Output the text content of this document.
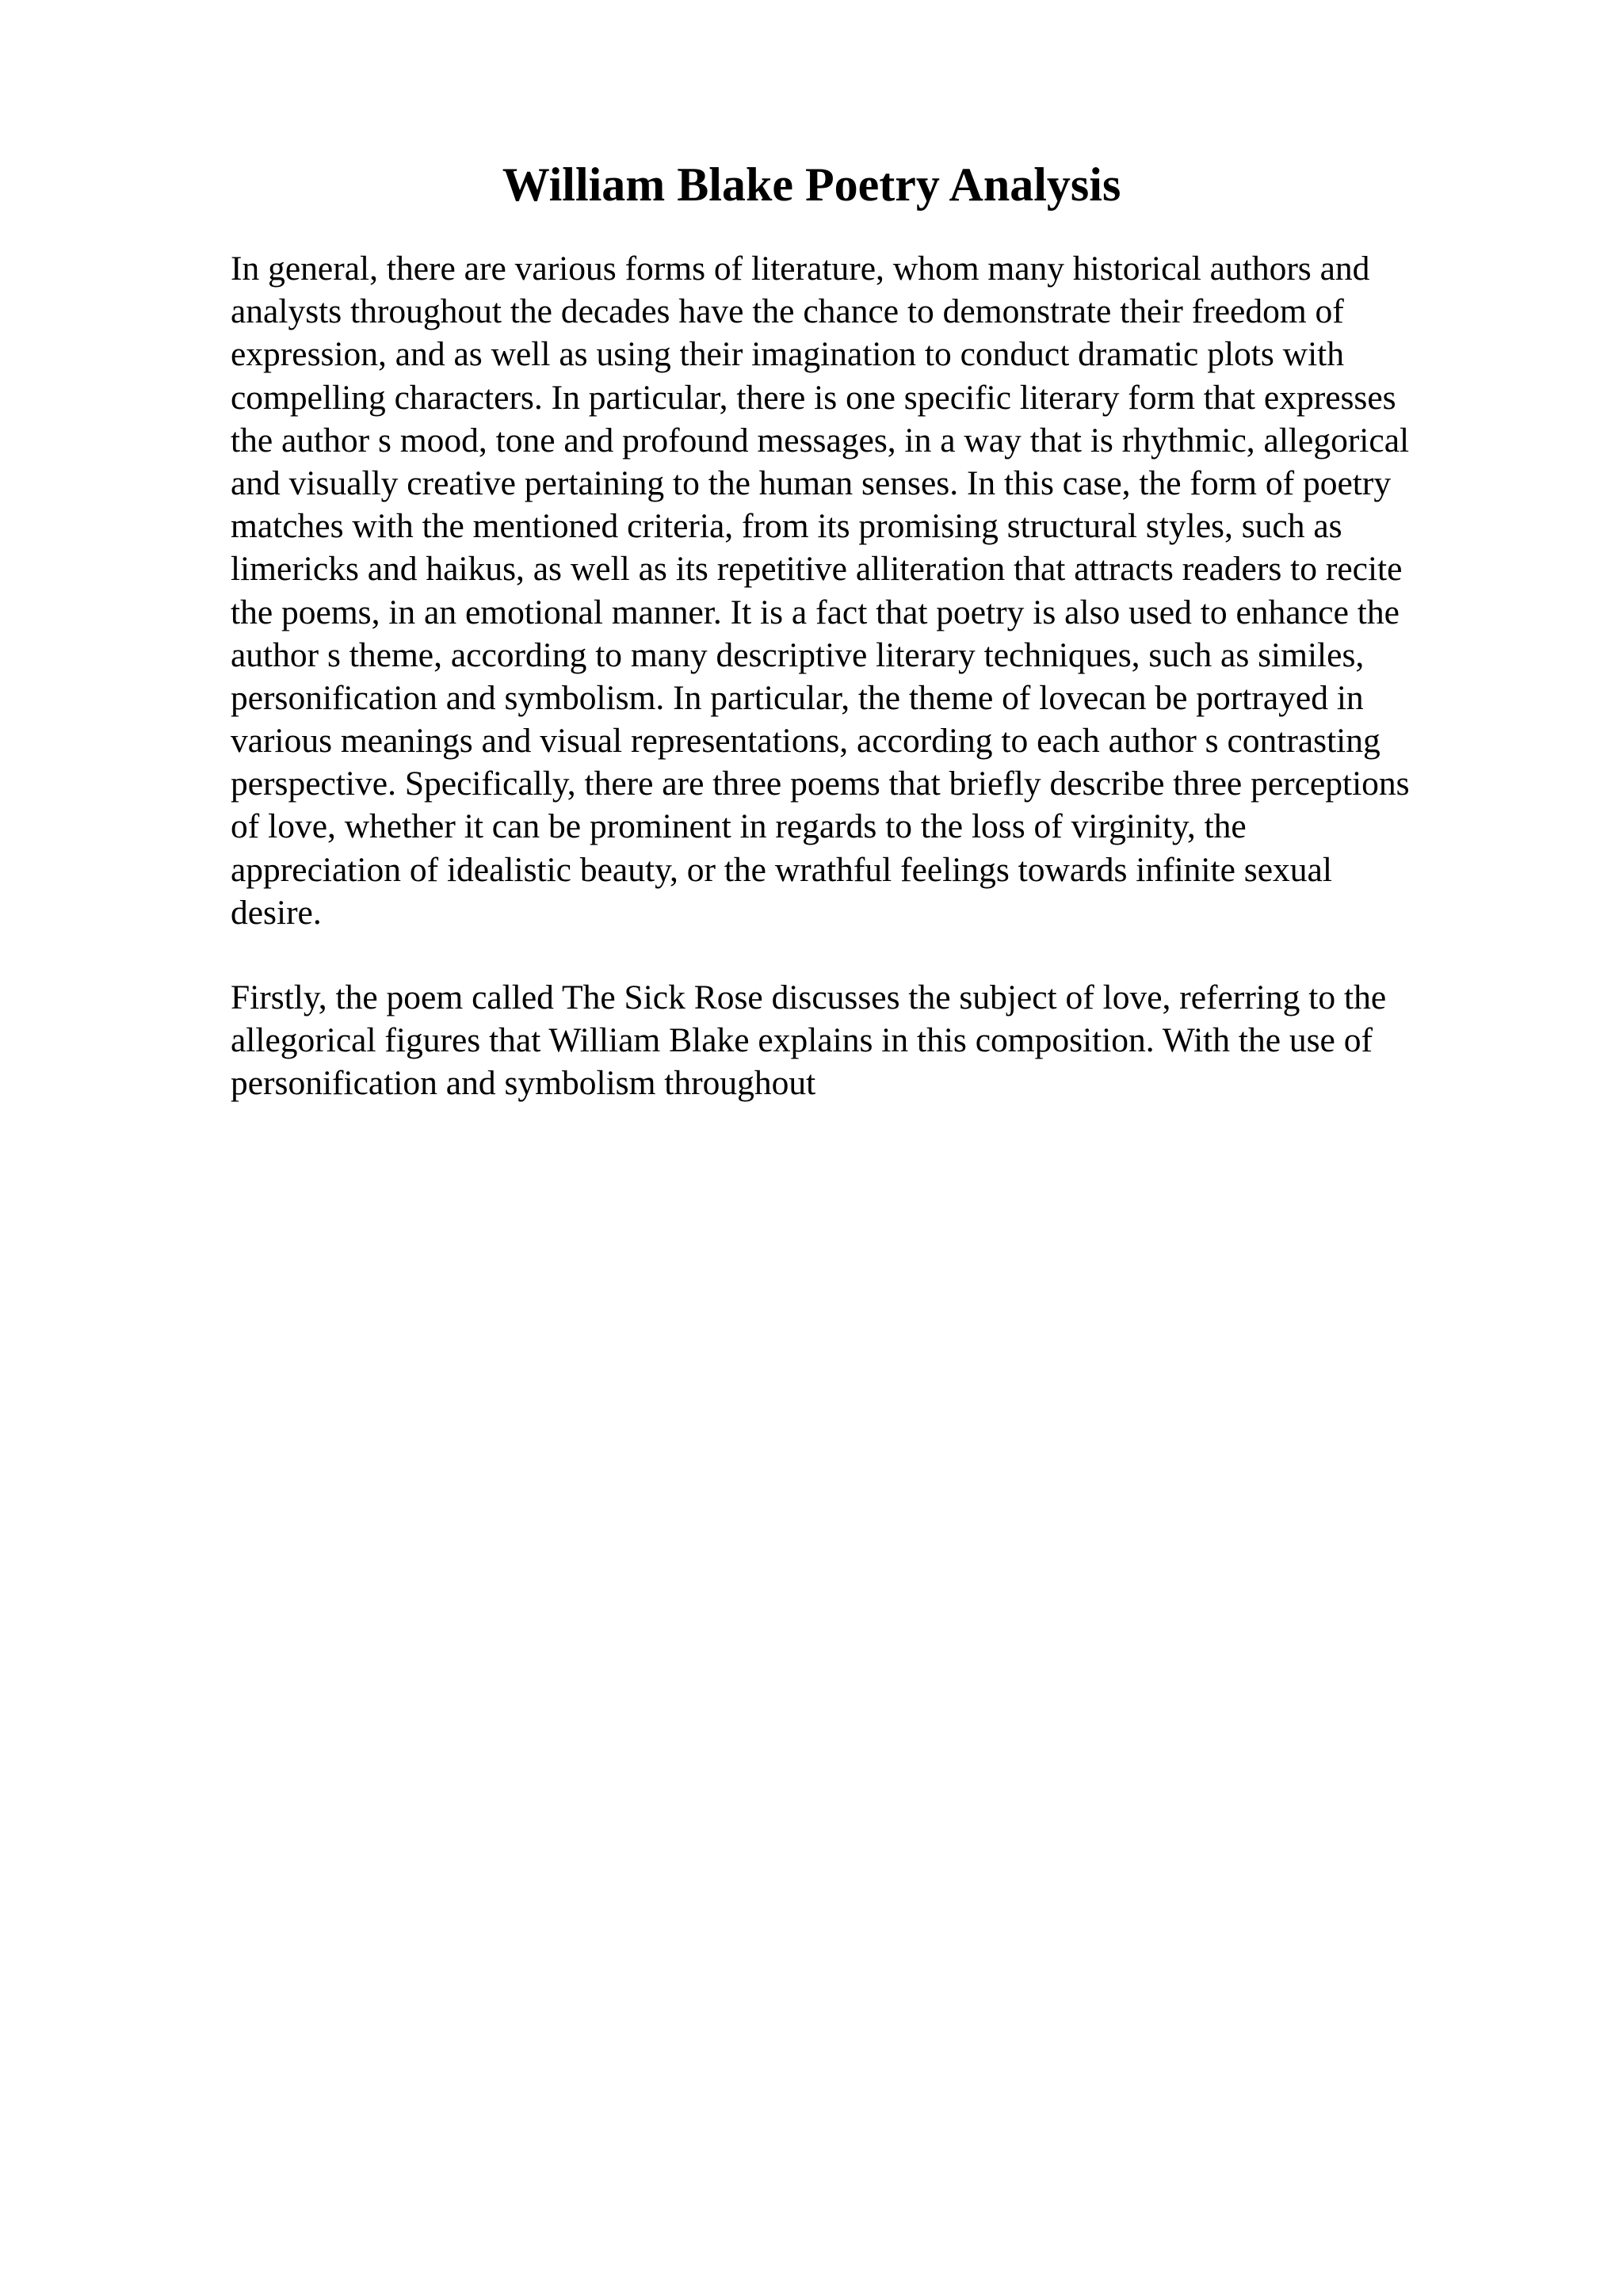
William Blake Poetry Analysis
In general, there are various forms of literature, whom many historical authors and
analysts throughout the decades have the chance to demonstrate their freedom of
expression, and as well as using their imagination to conduct dramatic plots with
compelling characters. In particular, there is one specific literary form that expresses
the author s mood, tone and profound messages, in a way that is rhythmic, allegorical
and visually creative pertaining to the human senses. In this case, the form of poetry
matches with the mentioned criteria, from its promising structural styles, such as
limericks and haikus, as well as its repetitive alliteration that attracts readers to recite
the poems, in an emotional manner. It is a fact that poetry is also used to enhance the
author s theme, according to many descriptive literary techniques, such as similes,
personification and symbolism. In particular, the theme of lovecan be portrayed in
various meanings and visual representations, according to each author s contrasting
perspective. Specifically, there are three poems that briefly describe three perceptions
of love, whether it can be prominent in regards to the loss of virginity, the
appreciation of idealistic beauty, or the wrathful feelings towards infinite sexual
desire.
Firstly, the poem called The Sick Rose discusses the subject of love, referring to the
allegorical figures that William Blake explains in this composition. With the use of
personification and symbolism throughout
